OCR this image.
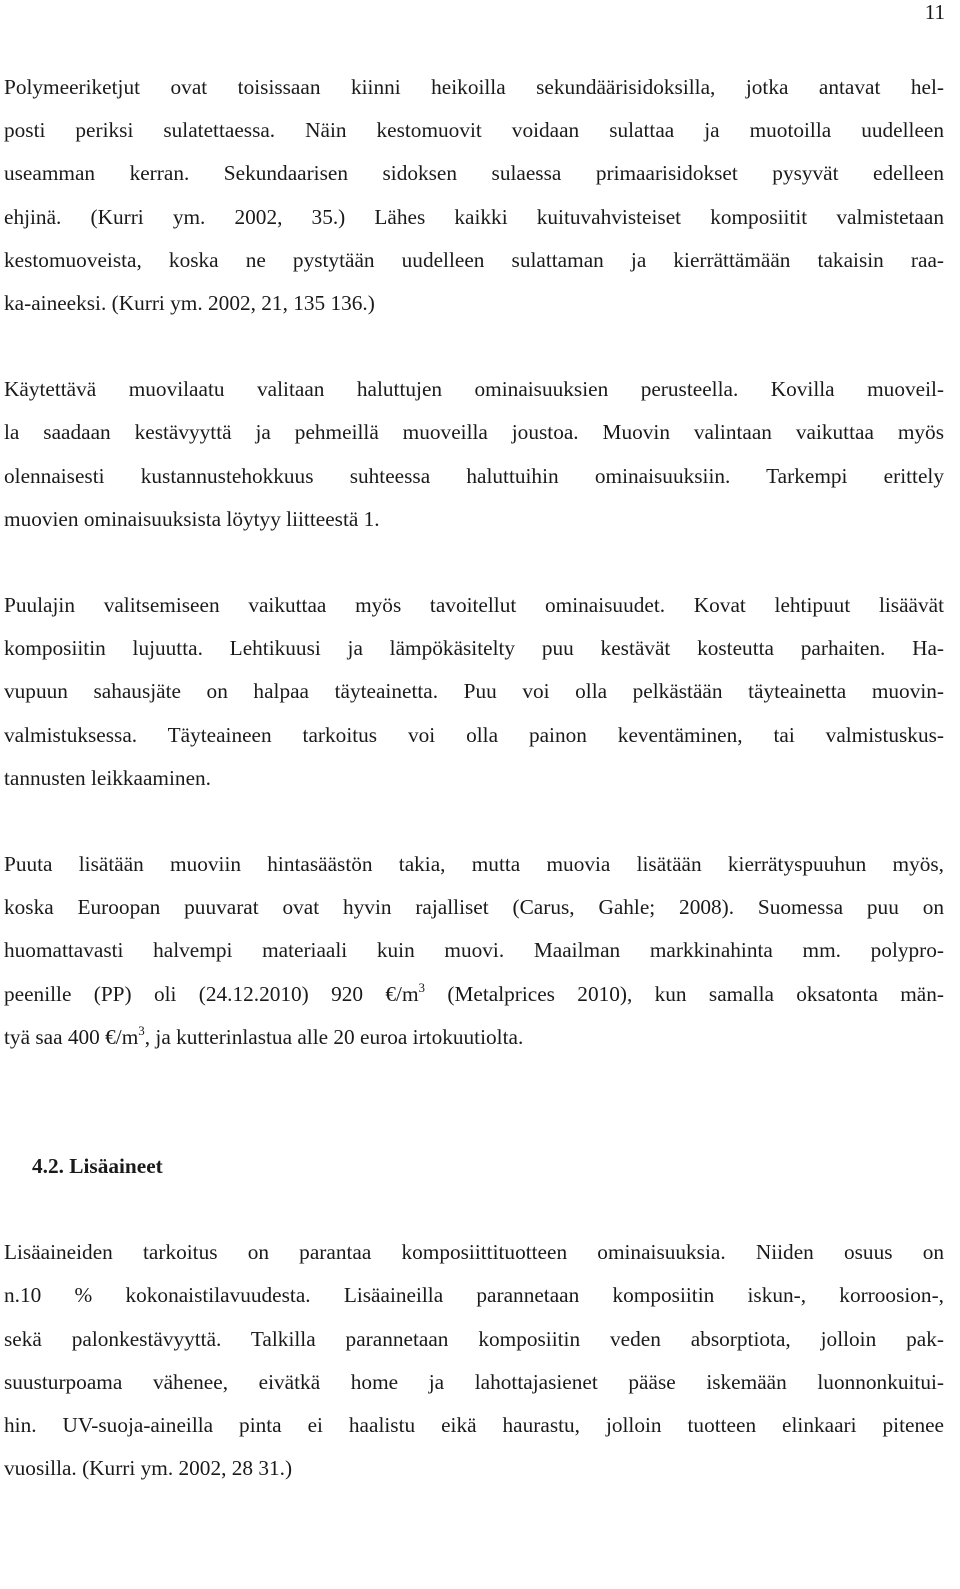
11

Polymeeriketjut ovat toisissaan kiinni heikoilla sekundäärisidoksilla, jotka antavat hel-
posti periksi sulatettaessa. Näin kestomuovit voidaan sulattaa ja muotoilla uudelleen
useamman kerran. Sekundaarisen sidoksen sulaessa primaarisidokset pysyvät edelleen
ehjinä. (Kurri ym. 2002, 35.) Lähes kaikki kuituvahvisteiset komposiitit valmistetaan
kestomuoveista, koska ne pystytään uudelleen sulattaman ja kierrättämään takaisin raa-
ka-aineeksi. (Kurri ym. 2002, 21, 135 136.)

Käytettävä muovilaatu valitaan haluttujen ominaisuuksien perusteella. Kovilla muoveil-
la saadaan kestävyyttä ja pehmeillä muoveilla joustoa. Muovin valintaan vaikuttaa myös
olennaisesti kustannustehokkuus suhteessa haluttuihin ominaisuuksiin. Tarkempi erittely
muovien ominaisuuksista löytyy liitteestä 1.

Puulajin valitsemiseen vaikuttaa myös tavoitellut ominaisuudet. Kovat lehtipuut lisäävät
komposiitin lujuutta. Lehtikuusi ja lämpökäsitelty puu kestävät kosteutta parhaiten. Ha-
vupuun sahausjäte on halpaa täyteainetta. Puu voi olla pelkästään täyteainetta muovin-
valmistuksessa. Täyteaineen tarkoitus voi olla painon keventäminen, tai valmistuskus-
tannusten leikkaaminen.

Puuta lisätään muoviin hintasäästön takia, mutta muovia lisätään kierrätyspuuhun myös,
koska Euroopan puuvarat ovat hyvin rajalliset (Carus, Gahle; 2008). Suomessa puu on
huomattavasti halvempi materiaali kuin muovi. Maailman markkinahinta mm. polypro-
peenille (PP) oli (24.12.2010) 920 $€/m^3$ (Metalprices 2010), kun samalla oksatonta män-
tyä saa 400 $€/m^3$, ja kutterinlastua alle 20 euroa irtokuutiolta.

4.2. Lisäaineet

Lisäaineiden tarkoitus on parantaa komposiittituotteen ominaisuuksia. Niiden osuus on
n.10 % kokonaistilavuudesta. Lisäaineilla parannetaan komposiitin iskun-, korroosion-,
sekä palonkestävyyttä. Talkilla parannetaan komposiitin veden absorptiota, jolloin pak-
suusturpoama vähenee, eivätkä home ja lahottajasienet pääse iskemään luonnonkuitui-
hin. UV-suoja-aineilla pinta ei haalistu eikä haurastu, jolloin tuotteen elinkaari pitenee
vuosilla. (Kurri ym. 2002, 28 31.)
